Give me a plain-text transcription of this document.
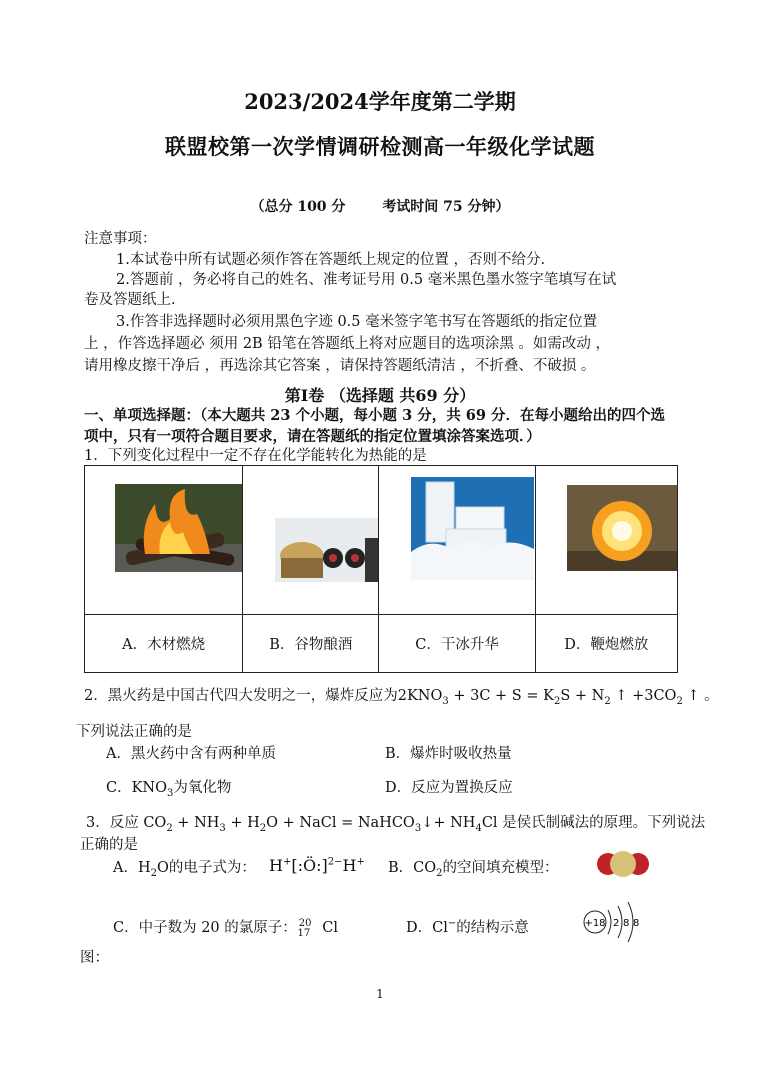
2023/2024学年度第二学期
联盟校第一次学情调研检测高一年级化学试题
（总分 100 分	考试时间 75 分钟）
注意事项：
1.本试卷中所有试题必须作答在答题纸上规定的位置 ，否则不给分.
2.答题前 ，务必将自己的姓名、准考证号用 0.5 毫米黑色墨水签字笔填写在试
卷及答题纸上.
3.作答非选择题时必须用黑色字迹 0.5 毫米签字笔书写在答题纸的指定位置
上 ，作答选择题必 须用 2B 铅笔在答题纸上将对应题目的选项涂黑 。如需改动 ，
请用橡皮擦干净后 ，再选涂其它答案 ，请保持答题纸清洁 ，不折叠、不破损 。
第Ⅰ卷 （选择题 共69 分）
一、单项选择题：（本大题共 23 个小题，每小题 3 分，共 69 分．在每小题给出的四个选
项中，只有一项符合题目要求，请在答题纸的指定位置填涂答案选项．）
1．下列变化过程中一定不存在化学能转化为热能的是

A．木材燃烧	B．谷物酿酒	C．干冰升华	D．鞭炮燃放
2．黑火药是中国古代四大发明之一，爆炸反应为$2KNO_3 + 3C + S = K_2S + N_2$ ↑ $+3CO_2$ ↑ 。
下列说法正确的是
A．黑火药中含有两种单质	B．爆炸时吸收热量
C．$KNO_3$为氧化物	D．反应为置换反应
3．反应 $CO_2 + NH_3 + H_2O$ + NaCl = NaHCO$_3$↓+ $NH_4Cl$ 是侯氏制碱法的原理。下列说法
正确的是
A．$H_2O$的电子式为： H+[:Ö:]$^{2-}$H+ B．$CO_2$的空间填充模型：
C．中子数为 20 的氯原子： $^{20}_{17}$ Cl	D．Cl−的结构示意	+18 2 8 8
图：
1
